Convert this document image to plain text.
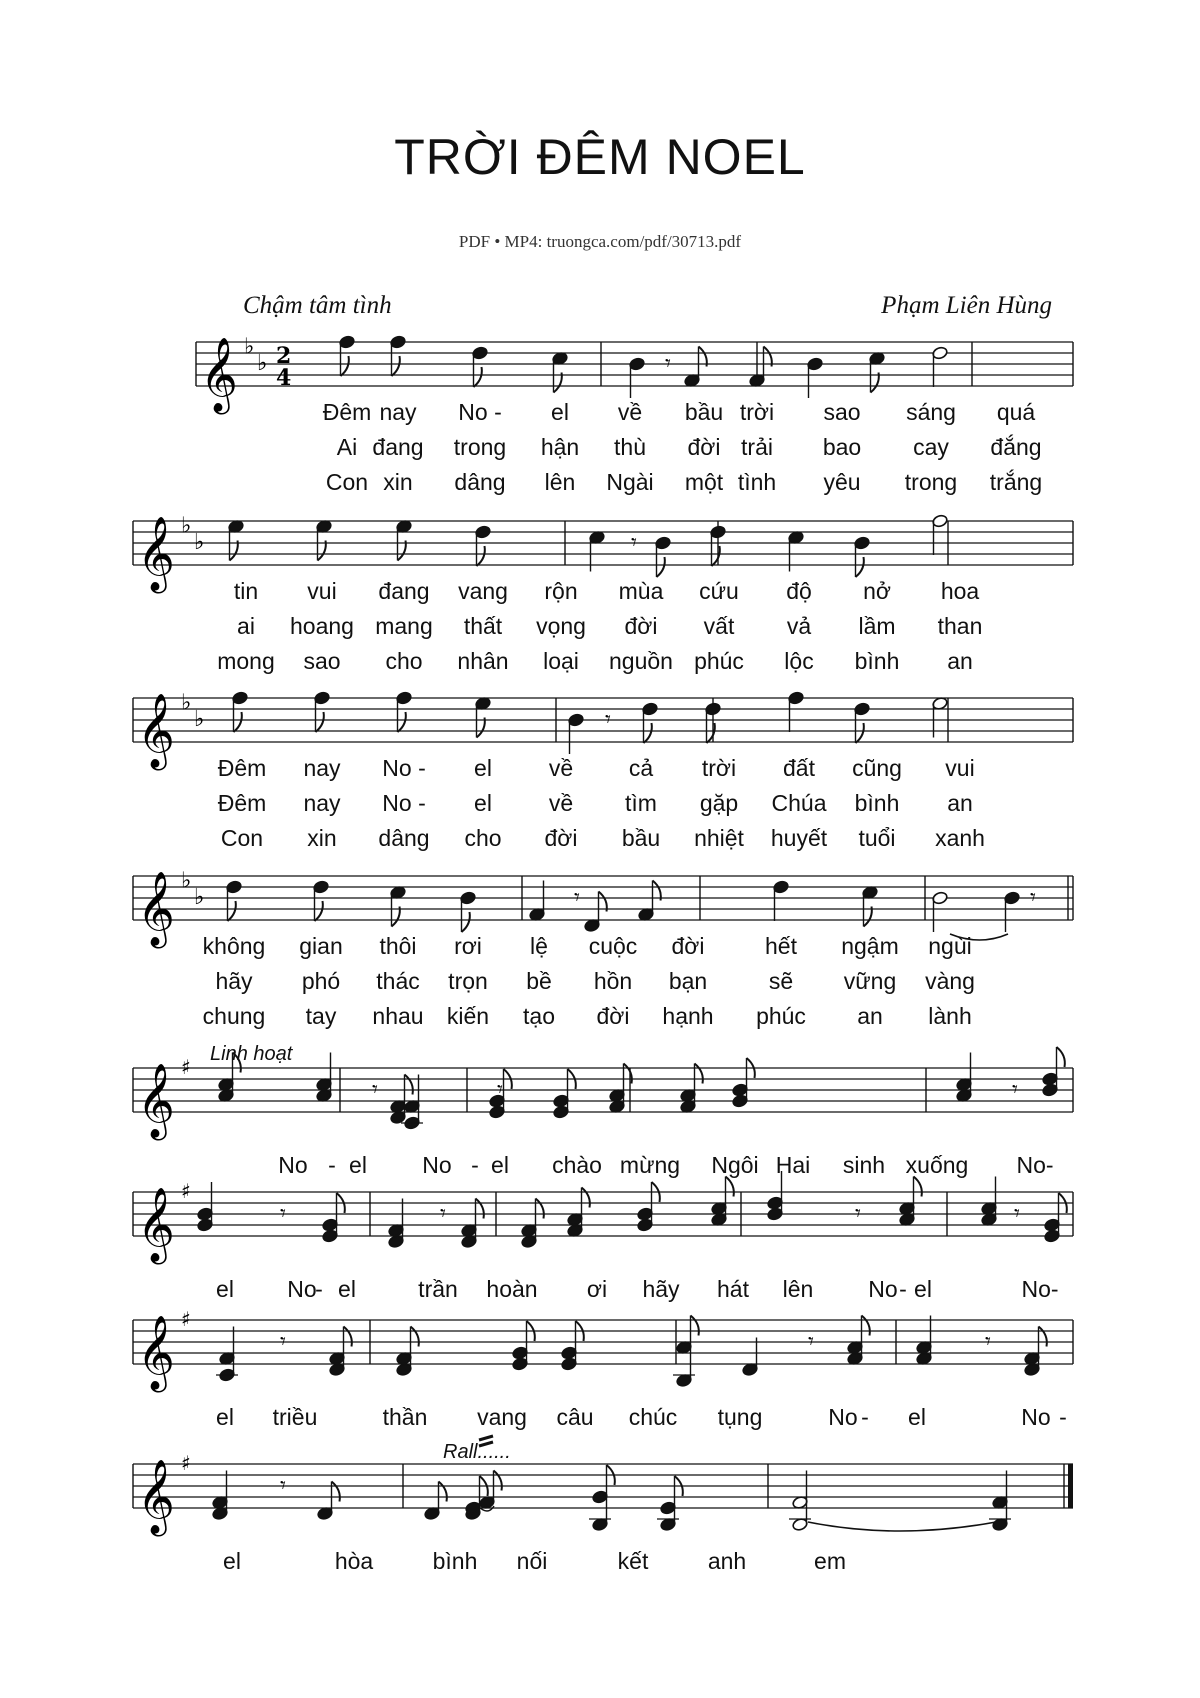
TRỜI ĐÊM NOEL
PDF • MP4: truongca.com/pdf/30713.pdf
Chậm tâm tình	Phạm Liên Hùng
𝄞 ♭
♭ 2
4
𝄾
𝄞 ♭
♭	𝄾
𝄞 ♭
♭	𝄾
𝄞 ♭
♭	𝄾	𝄾
𝄞 ♯
𝄾	𝄾	𝄾
𝄞 ♯
𝄾	𝄾	𝄾	𝄾
𝄞 ♯
𝄾	𝄾	𝄾
𝄞 ♯
𝄾
Đêm nay No - el về bầu trời sao sáng quá
Ai đang trong hận thù đời trải bao cay đắng
Con xin dâng lên Ngài một tình yêu trong trắng
tin vui đang vang rộn mùa cứu độ nở hoa
ai hoang mang thất vọng đời vất vả lầm than
mong sao cho nhân loại nguồn phúc lộc bình an
Đêm nay No - el về cả trời đất cũng vui
Đêm nay No - el về tìm gặp Chúa bình an
Con xin dâng cho đời bầu nhiệt huyết tuổi xanh
không gian thôi rơi lệ cuộc đời	hết ngậm ngùi
hãy phó thác trọn bề hồn bạn	sẽ vững vàng
chung tay nhau kiến tạo đời hạnh phúc an lành
No - el No - el chào mừng Ngôi Hai sinh xuống No-
el No
- el	trần hoàn ơi hãy hát lên No - el	No-
el triều	thần vang câu chúc tụng	No - el	No -
el	hòa	bình nối	kết	anh	em
Linh hoạt
Rall......
